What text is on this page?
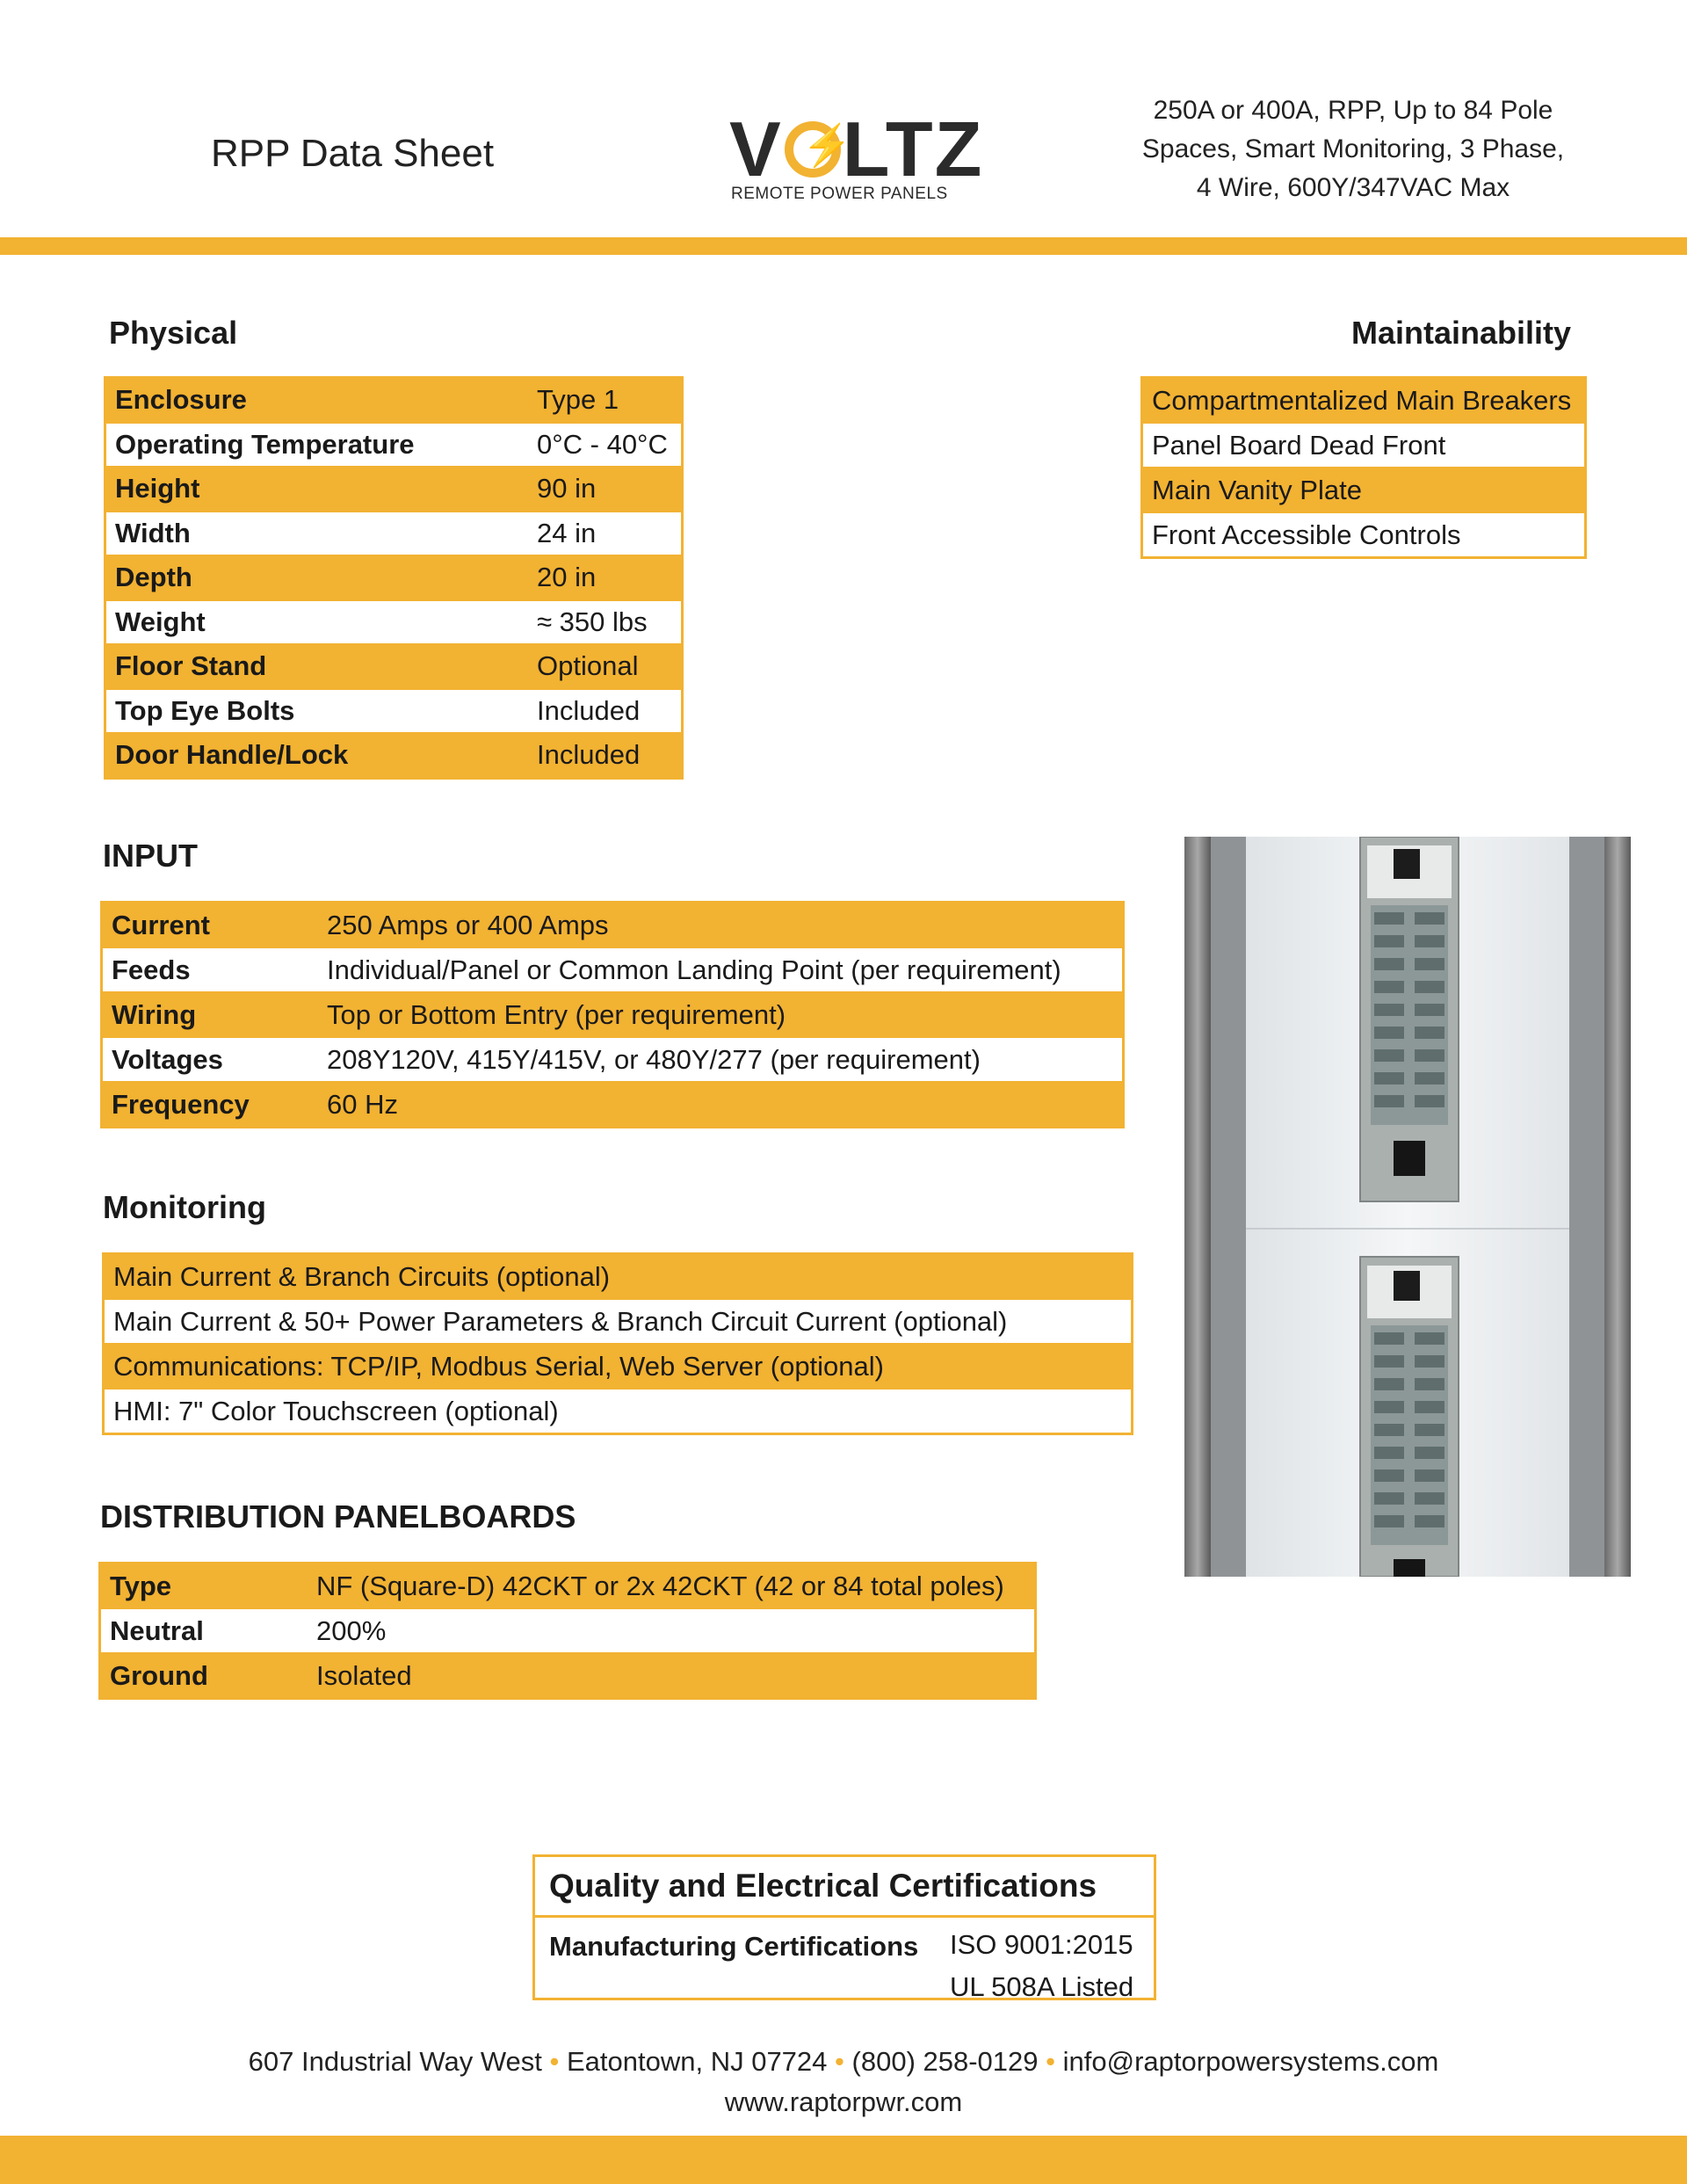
RPP Data Sheet	V ⚡
LTZ
REMOTE POWER PANELS
250A or 400A, RPP, Up to 84 Pole
Spaces, Smart Monitoring, 3 Phase,
4 Wire, 600Y/347VAC Max
Physical
Enclosure	Type 1
Operating Temperature	0°C - 40°C
Height	90 in
Width	24 in
Depth	20 in
Weight	≈ 350 lbs
Floor Stand	Optional
Top Eye Bolts	Included
Door Handle/Lock	Included
Maintainability
Compartmentalized Main Breakers
Panel Board Dead Front
Main Vanity Plate
Front Accessible Controls
INPUT
Current	250 Amps or 400 Amps
Feeds	Individual/Panel or Common Landing Point (per requirement)
Wiring	Top or Bottom Entry (per requirement)
Voltages	208Y120V, 415Y/415V, or 480Y/277 (per requirement)
Frequency	60 Hz
Monitoring
Main Current & Branch Circuits (optional)
Main Current & 50+ Power Parameters & Branch Circuit Current (optional)
Communications: TCP/IP, Modbus Serial, Web Server (optional)
HMI: 7" Color Touchscreen (optional)
DISTRIBUTION PANELBOARDS
Type	NF (Square-D) 42CKT or 2x 42CKT (42 or 84 total poles)
Neutral	200%
Ground	Isolated
Quality and Electrical Certifications
Manufacturing Certifications ISO 9001:2015
UL 508A Listed
607 Industrial Way West • Eatontown, NJ 07724 • (800) 258-0129 • info@raptorpowersystems.com
www.raptorpwr.com
